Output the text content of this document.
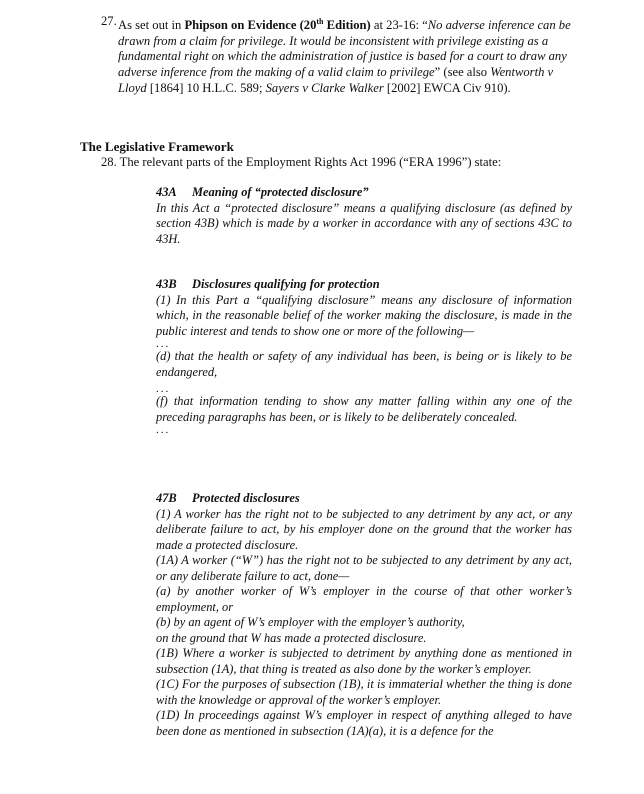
27. As set out in Phipson on Evidence (20th Edition) at 23-16: “No adverse inference can be drawn from a claim for privilege. It would be inconsistent with privilege existing as a fundamental right on which the administration of justice is based for a court to draw any adverse inference from the making of a valid claim to privilege” (see also Wentworth v Lloyd [1864] 10 H.L.C. 589; Sayers v Clarke Walker [2002] EWCA Civ 910).
The Legislative Framework
28. The relevant parts of the Employment Rights Act 1996 (“ERA 1996”) state:

43A Meaning of “protected disclosure”

In this Act a “protected disclosure” means a qualifying disclosure (as defined by section 43B) which is made by a worker in accordance with any of sections 43C to 43H.

43B Disclosures qualifying for protection

(1) In this Part a “qualifying disclosure” means any disclosure of information which, in the reasonable belief of the worker making the disclosure, is made in the public interest and tends to show one or more of the following—

...

(d) that the health or safety of any individual has been, is being or is likely to be endangered,

...

(f) that information tending to show any matter falling within any one of the preceding paragraphs has been, or is likely to be deliberately concealed.

...

47B Protected disclosures

(1) A worker has the right not to be subjected to any detriment by any act, or any deliberate failure to act, by his employer done on the ground that the worker has made a protected disclosure.

(1A) A worker (“W”) has the right not to be subjected to any detriment by any act, or any deliberate failure to act, done—

(a) by another worker of W’s employer in the course of that other worker’s employment, or

(b) by an agent of W’s employer with the employer’s authority,

on the ground that W has made a protected disclosure.

(1B) Where a worker is subjected to detriment by anything done as mentioned in subsection (1A), that thing is treated as also done by the worker’s employer.

(1C) For the purposes of subsection (1B), it is immaterial whether the thing is done with the knowledge or approval of the worker’s employer.

(1D) In proceedings against W’s employer in respect of anything alleged to have been done as mentioned in subsection (1A)(a), it is a defence for the
